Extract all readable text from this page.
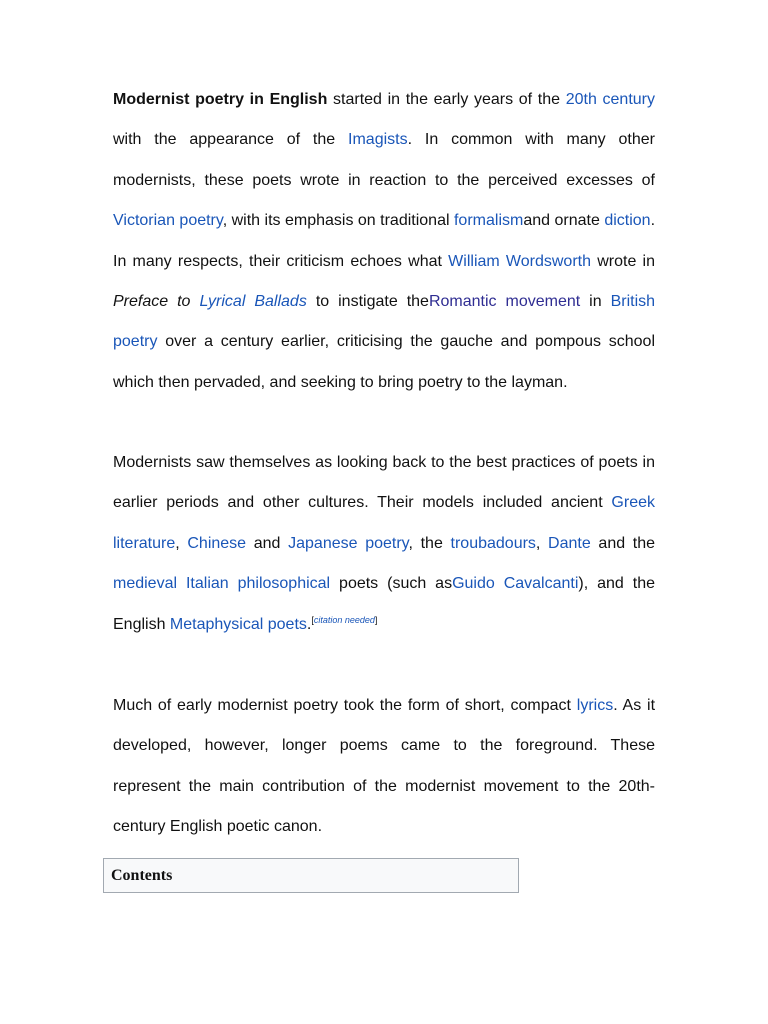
Modernist poetry in English started in the early years of the 20th century with the appearance of the Imagists. In common with many other modernists, these poets wrote in reaction to the perceived excesses of Victorian poetry, with its emphasis on traditional formalismand ornate diction. In many respects, their criticism echoes what William Wordsworth wrote in Preface to Lyrical Ballads to instigate theRomantic movement in British poetry over a century earlier, criticising the gauche and pompous school which then pervaded, and seeking to bring poetry to the layman.

Modernists saw themselves as looking back to the best practices of poets in earlier periods and other cultures. Their models included ancient Greek literature, Chinese and Japanese poetry, the troubadours, Dante and the medieval Italian philosophical poets (such asGuido Cavalcanti), and the English Metaphysical poets.[citation needed]

Much of early modernist poetry took the form of short, compact lyrics. As it developed, however, longer poems came to the foreground. These represent the main contribution of the modernist movement to the 20th-century English poetic canon.

Contents
